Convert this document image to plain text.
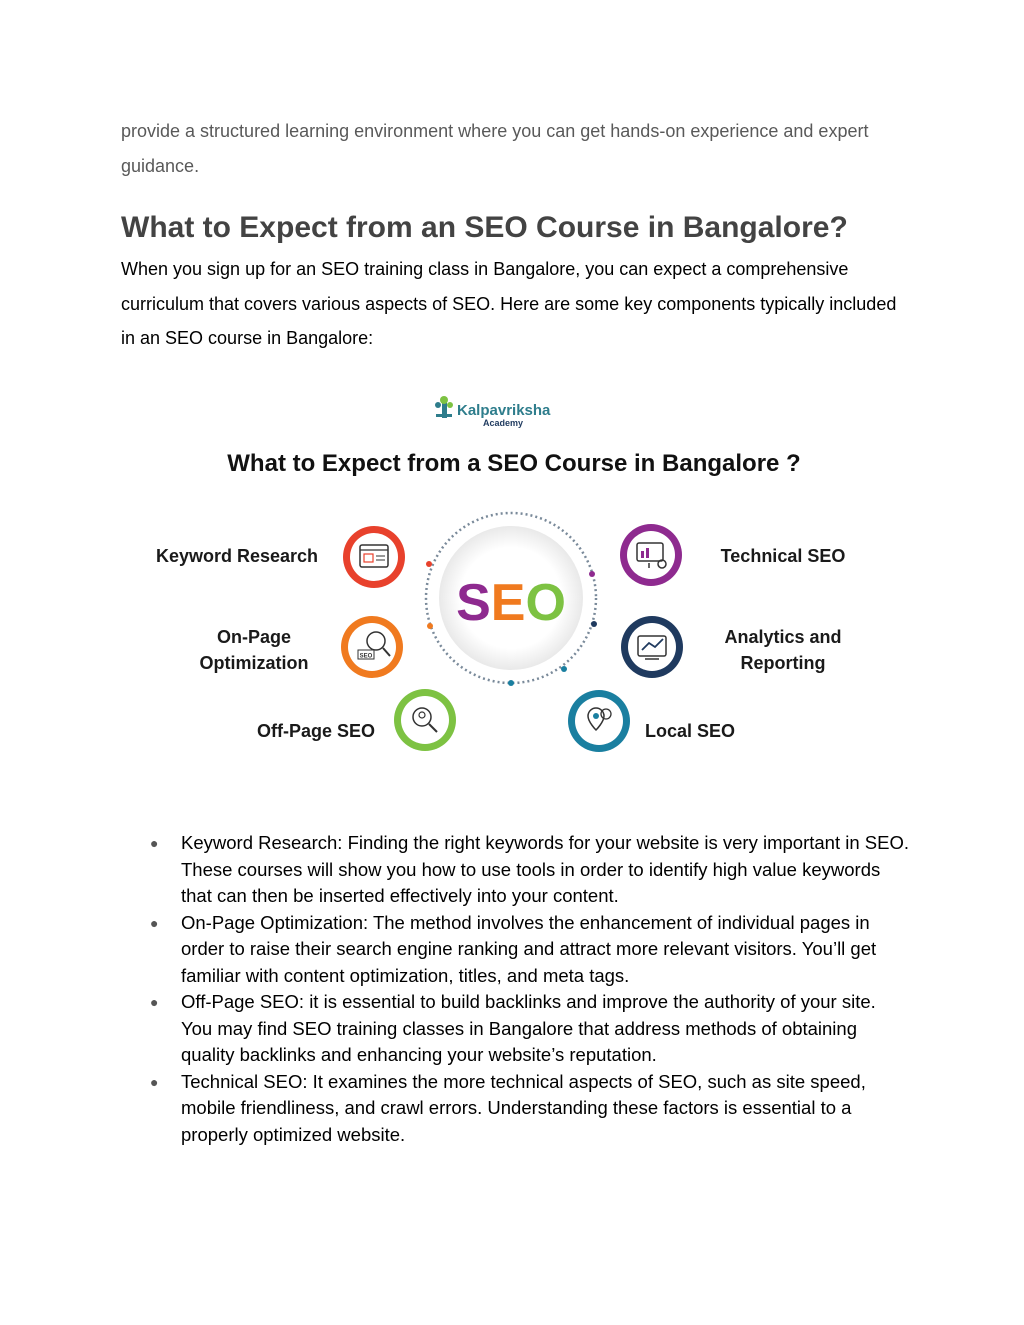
provide a structured learning environment where you can get hands-on experience and expert guidance.

What to Expect from an SEO Course in Bangalore?

When you sign up for an SEO training class in Bangalore, you can expect a comprehensive curriculum that covers various aspects of SEO. Here are some key components typically included in an SEO course in Bangalore:

Kalpavriksha
Academy
What to Expect from a SEO Course in Bangalore ?
SEO
Keyword Research
SEO
On-Page
Optimization
Off-Page SEO
Technical SEO
Analytics and
Reporting
Local SEO
● Keyword Research: Finding the right keywords for your website is very important in SEO. These courses will show you how to use tools in order to identify high value keywords that can then be inserted effectively into your content.
● On-Page Optimization: The method involves the enhancement of individual pages in order to raise their search engine ranking and attract more relevant visitors. You’ll get familiar with content optimization, titles, and meta tags.
● Off-Page SEO: it is essential to build backlinks and improve the authority of your site. You may find SEO training classes in Bangalore that address methods of obtaining quality backlinks and enhancing your website’s reputation.
● Technical SEO: It examines the more technical aspects of SEO, such as site speed, mobile friendliness, and crawl errors. Understanding these factors is essential to a properly optimized website.
